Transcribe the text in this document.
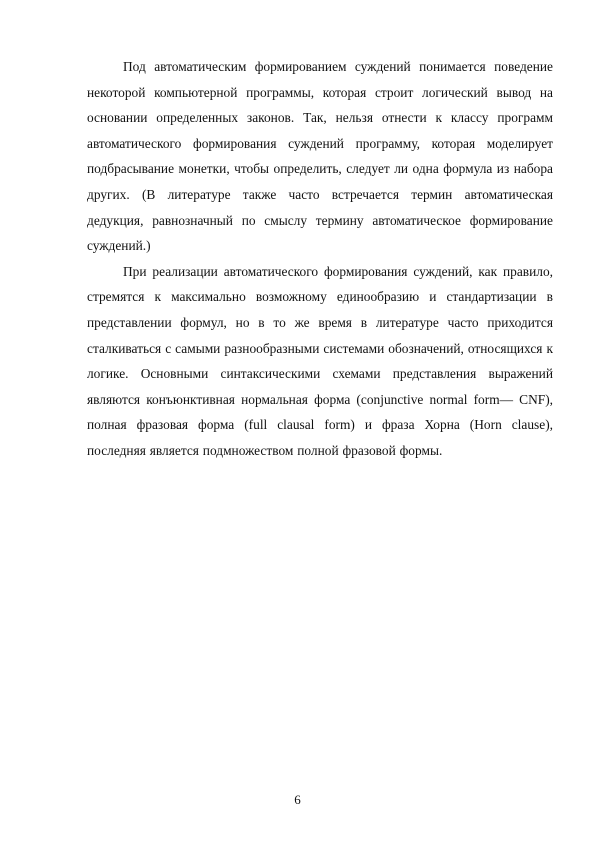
Под автоматическим формированием суждений понимается поведение некоторой компьютерной программы, которая строит логический вывод на основании определенных законов. Так, нельзя отнести к классу программ автоматического формирования суждений программу, которая моделирует подбрасывание монетки, чтобы определить, следует ли одна формула из набора других. (В литературе также часто встречается термин автоматическая дедукция, равнозначный по смыслу термину автоматическое формирование суждений.)

При реализации автоматического формирования суждений, как правило, стремятся к максимально возможному единообразию и стандартизации в представлении формул, но в то же время в литературе часто приходится сталкиваться с самыми разнообразными системами обозначений, относящихся к логике. Основными синтаксическими схемами представления выражений являются конъюнктивная нормальная форма (conjunctive normal form— CNF), полная фразовая форма (full clausal form) и фраза Хорна (Horn clause), последняя является подмножеством полной фразовой формы.

6
